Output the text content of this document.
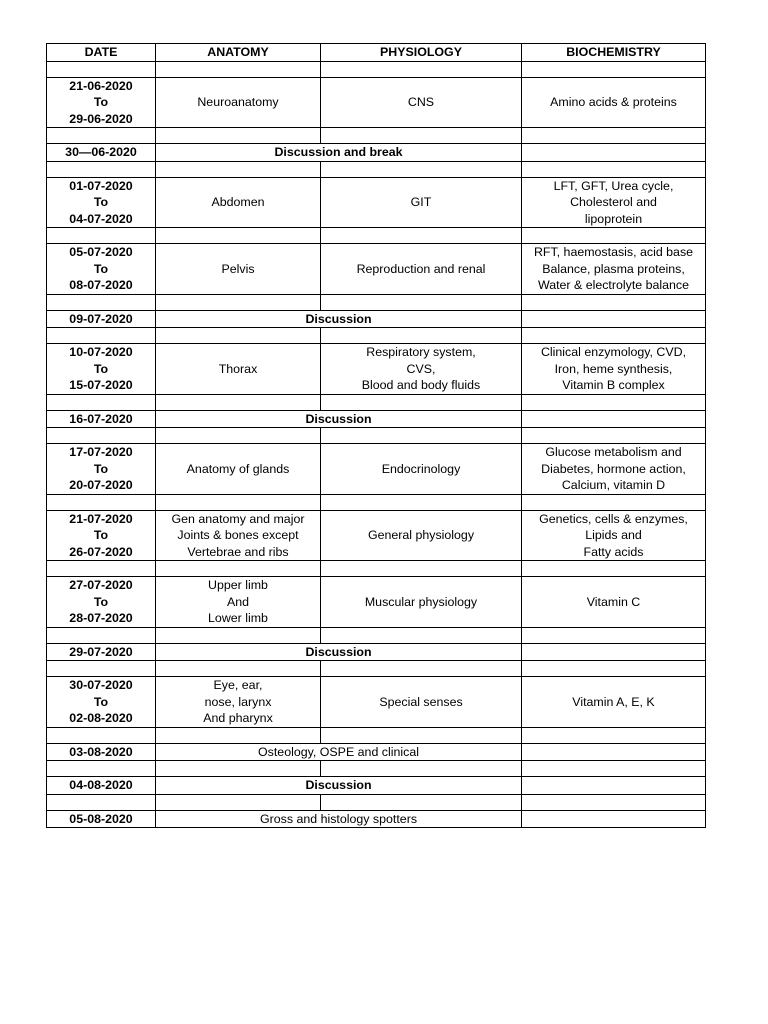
DATE	ANATOMY	PHYSIOLOGY	BIOCHEMISTRY

21-06-2020
To
29-06-2020	Neuroanatomy	CNS	Amino acids & proteins

30—06-2020	Discussion and break		

01-07-2020
To
04-07-2020	Abdomen	GIT	LFT, GFT, Urea cycle,
Cholesterol and
lipoprotein

05-07-2020
To
08-07-2020	Pelvis	Reproduction and renal	RFT, haemostasis, acid base
Balance, plasma proteins,
Water & electrolyte balance

09-07-2020	Discussion		

10-07-2020
To
15-07-2020	Thorax	Respiratory system,
CVS,
Blood and body fluids	Clinical enzymology, CVD,
Iron, heme synthesis,
Vitamin B complex

16-07-2020	Discussion		

17-07-2020
To
20-07-2020	Anatomy of glands	Endocrinology	Glucose metabolism and
Diabetes, hormone action,
Calcium, vitamin D

21-07-2020
To
26-07-2020	Gen anatomy and major
Joints & bones except
Vertebrae and ribs	General physiology	Genetics, cells & enzymes,
Lipids and
Fatty acids

27-07-2020
To
28-07-2020	Upper limb
And
Lower limb	Muscular physiology	Vitamin C

29-07-2020	Discussion		

30-07-2020
To
02-08-2020	Eye, ear,
nose, larynx
And pharynx	Special senses	Vitamin A, E, K

03-08-2020	Osteology, OSPE and clinical		

04-08-2020	Discussion		

05-08-2020	Gross and histology spotters		
